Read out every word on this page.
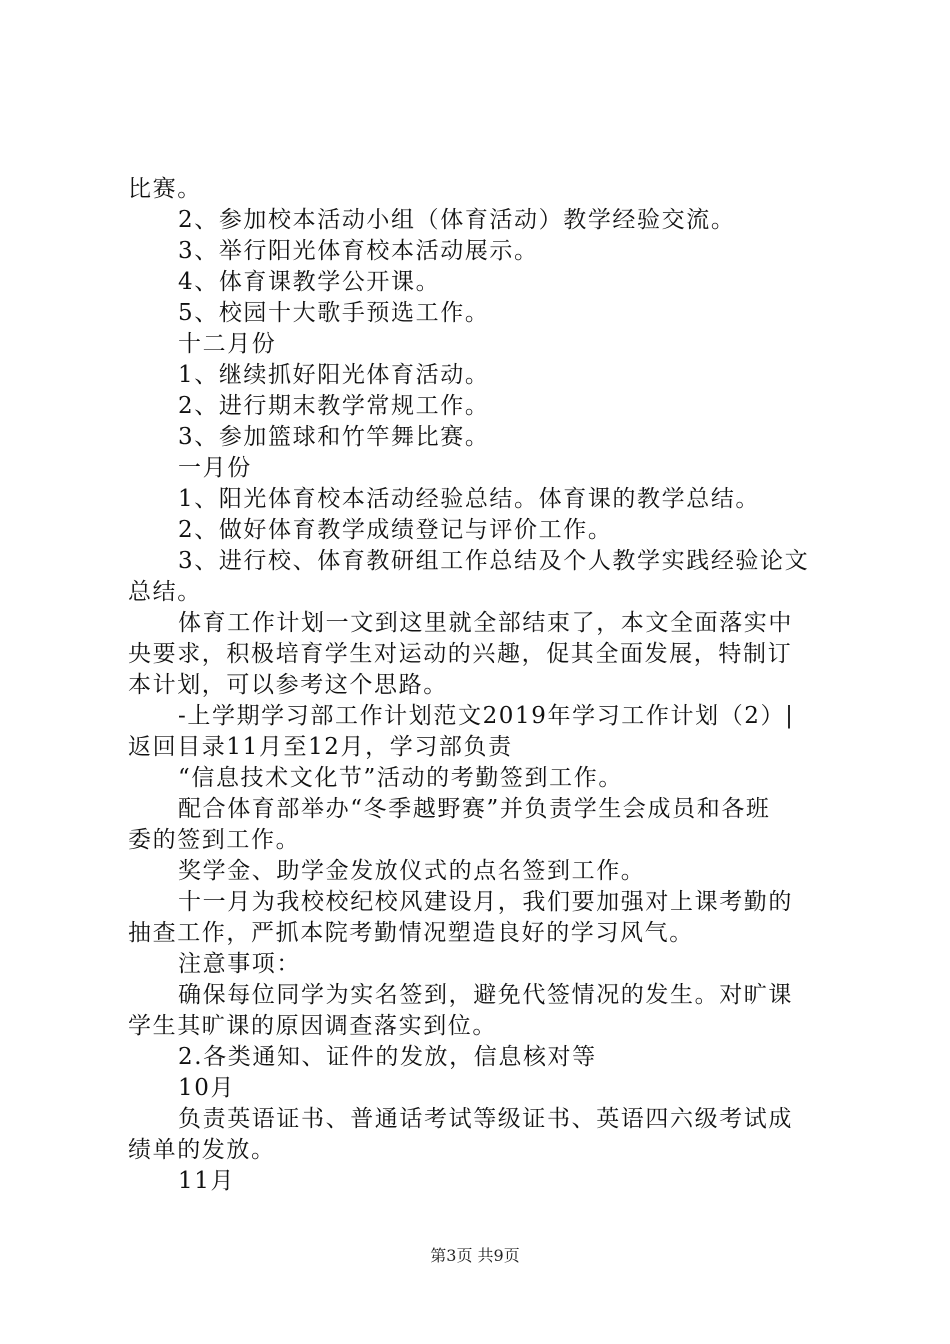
比赛。
2、参加校本活动小组（体育活动）教学经验交流。
3、举行阳光体育校本活动展示。
4、体育课教学公开课。
5、校园十大歌手预选工作。
十二月份
1、继续抓好阳光体育活动。
2、进行期末教学常规工作。
3、参加篮球和竹竿舞比赛。
一月份
1、阳光体育校本活动经验总结。体育课的教学总结。
2、做好体育教学成绩登记与评价工作。
3、进行校、体育教研组工作总结及个人教学实践经验论文
总结。
体育工作计划一文到这里就全部结束了，本文全面落实中
央要求，积极培育学生对运动的兴趣，促其全面发展，特制订
本计划，可以参考这个思路。
-上学期学习部工作计划范文2019年学习工作计划（2）|
返回目录11月至12月，学习部负责
“信息技术文化节”活动的考勤签到工作。
配合体育部举办“冬季越野赛”并负责学生会成员和各班
委的签到工作。
奖学金、助学金发放仪式的点名签到工作。
十一月为我校校纪校风建设月，我们要加强对上课考勤的
抽查工作，严抓本院考勤情况塑造良好的学习风气。
注意事项：
确保每位同学为实名签到，避免代签情况的发生。对旷课
学生其旷课的原因调查落实到位。
2.各类通知、证件的发放，信息核对等
10月
负责英语证书、普通话考试等级证书、英语四六级考试成
绩单的发放。
11月
第3页 共9页
